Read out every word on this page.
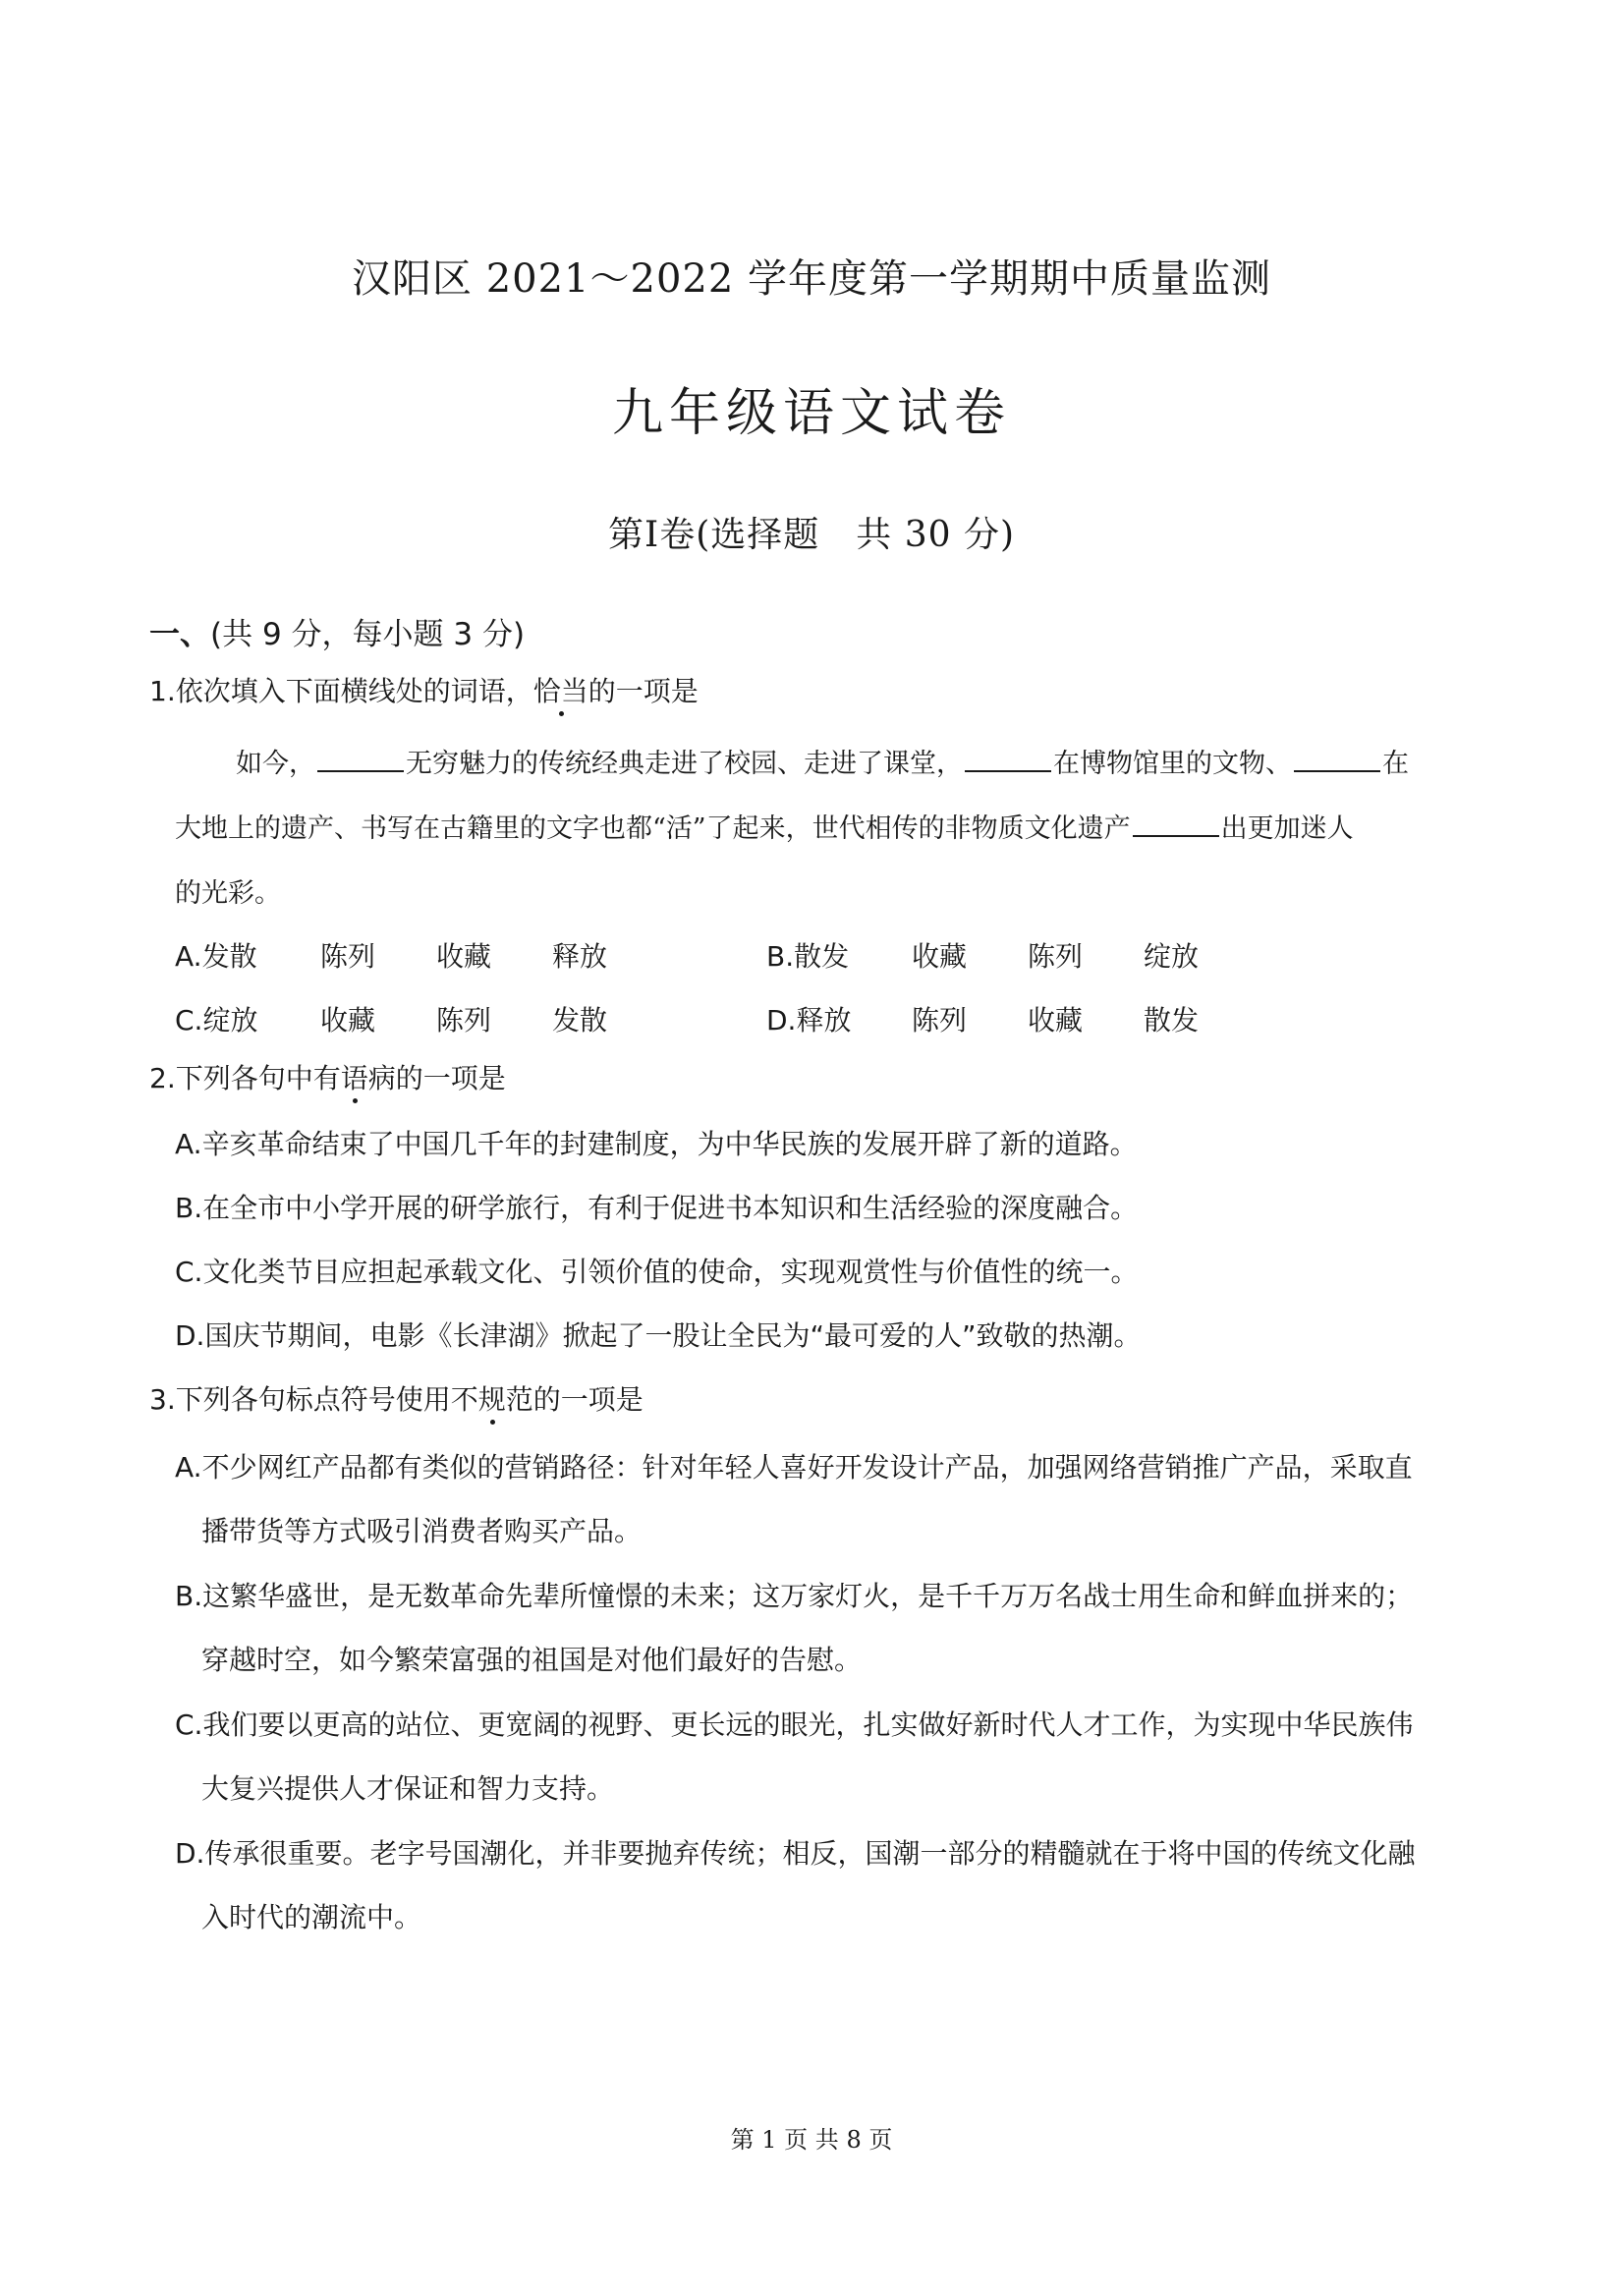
汉阳区 2021～2022 学年度第一学期期中质量监测
九年级语文试卷
第Ⅰ卷(选择题　共 30 分)
一、(共 9 分，每小题 3 分)
1.依次填入下面横线处的词语，恰当的一项是
如今，	无穷魅力的传统经典走进了校园、走进了课堂，	在博物馆里的文物、	在
大地上的遗产、书写在古籍里的文字也都“活”了起来，世代相传的非物质文化遗产	出更加迷人
的光彩。
A.发散 陈列 收藏 释放	B.散发 收藏 陈列 绽放
C.绽放 收藏 陈列 发散	D.释放 陈列 收藏 散发
2.下列各句中有语病的一项是
A.辛亥革命结束了中国几千年的封建制度，为中华民族的发展开辟了新的道路。
B.在全市中小学开展的研学旅行，有利于促进书本知识和生活经验的深度融合。
C.文化类节目应担起承载文化、引领价值的使命，实现观赏性与价值性的统一。
D.国庆节期间，电影《长津湖》掀起了一股让全民为“最可爱的人”致敬的热潮。
3.下列各句标点符号使用不规范的一项是
A.不少网红产品都有类似的营销路径：针对年轻人喜好开发设计产品，加强网络营销推广产品，采取直
播带货等方式吸引消费者购买产品。
B.这繁华盛世，是无数革命先辈所憧憬的未来；这万家灯火，是千千万万名战士用生命和鲜血拼来的；
穿越时空，如今繁荣富强的祖国是对他们最好的告慰。
C.我们要以更高的站位、更宽阔的视野、更长远的眼光，扎实做好新时代人才工作，为实现中华民族伟
大复兴提供人才保证和智力支持。
D.传承很重要。老字号国潮化，并非要抛弃传统；相反，国潮一部分的精髓就在于将中国的传统文化融
入时代的潮流中。
第 1 页 共 8 页
